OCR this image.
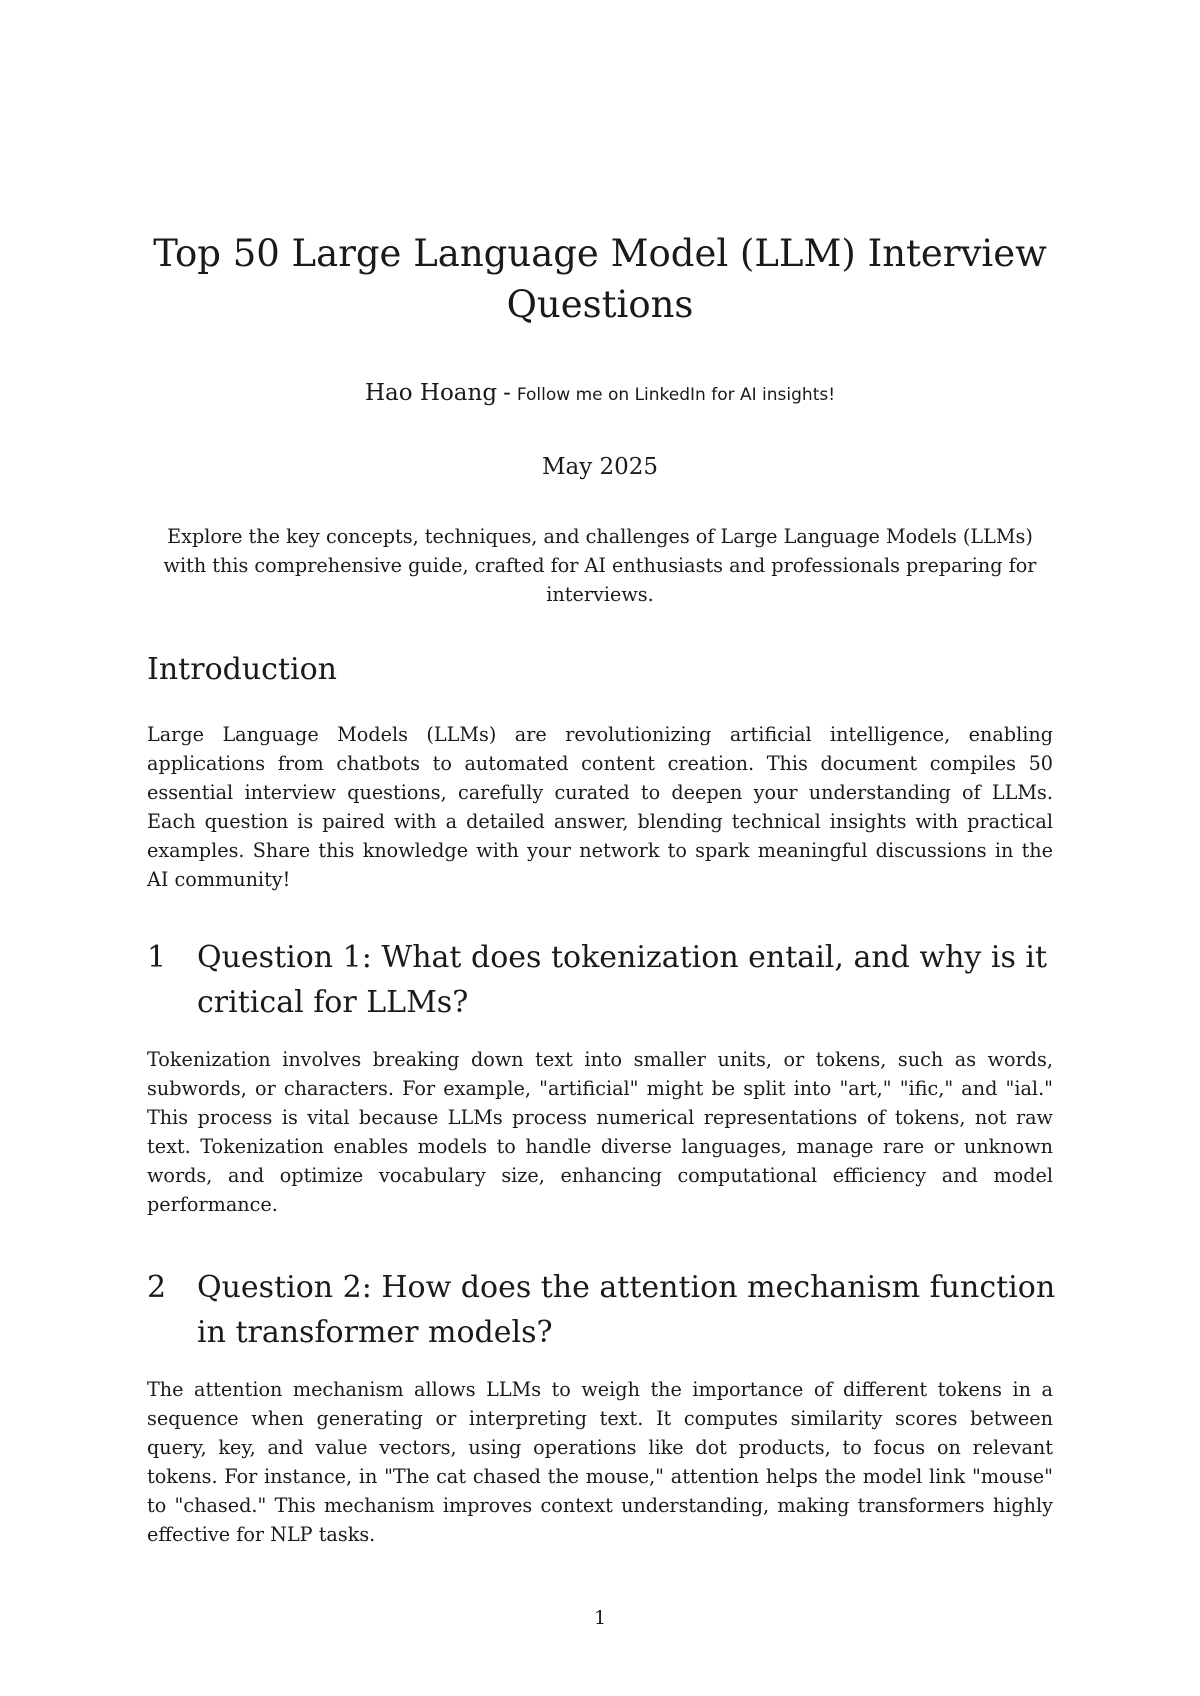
Top 50 Large Language Model (LLM) Interview Questions
Hao Hoang - Follow me on LinkedIn for AI insights!
May 2025

Explore the key concepts, techniques, and challenges of Large Language Models (LLMs) with this comprehensive guide, crafted for AI enthusiasts and professionals preparing for interviews.

Introduction

Large Language Models (LLMs) are revolutionizing artificial intelligence, enabling applications from chatbots to automated content creation. This document compiles 50 essential interview questions, carefully curated to deepen your understanding of LLMs. Each question is paired with a detailed answer, blending technical insights with practical examples. Share this knowledge with your network to spark meaningful discussions in the AI community!

1 Question 1: What does tokenization entail, and why is it critical for LLMs?

Tokenization involves breaking down text into smaller units, or tokens, such as words, subwords, or characters. For example, "artificial" might be split into "art," "ific," and "ial." This process is vital because LLMs process numerical representations of tokens, not raw text. Tokenization enables models to handle diverse languages, manage rare or unknown words, and optimize vocabulary size, enhancing computational efficiency and model performance.

2 Question 2: How does the attention mechanism function in transformer models?

The attention mechanism allows LLMs to weigh the importance of different tokens in a sequence when generating or interpreting text. It computes similarity scores between query, key, and value vectors, using operations like dot products, to focus on relevant tokens. For instance, in "The cat chased the mouse," attention helps the model link "mouse" to "chased." This mechanism improves context understanding, making transformers highly effective for NLP tasks.

1
